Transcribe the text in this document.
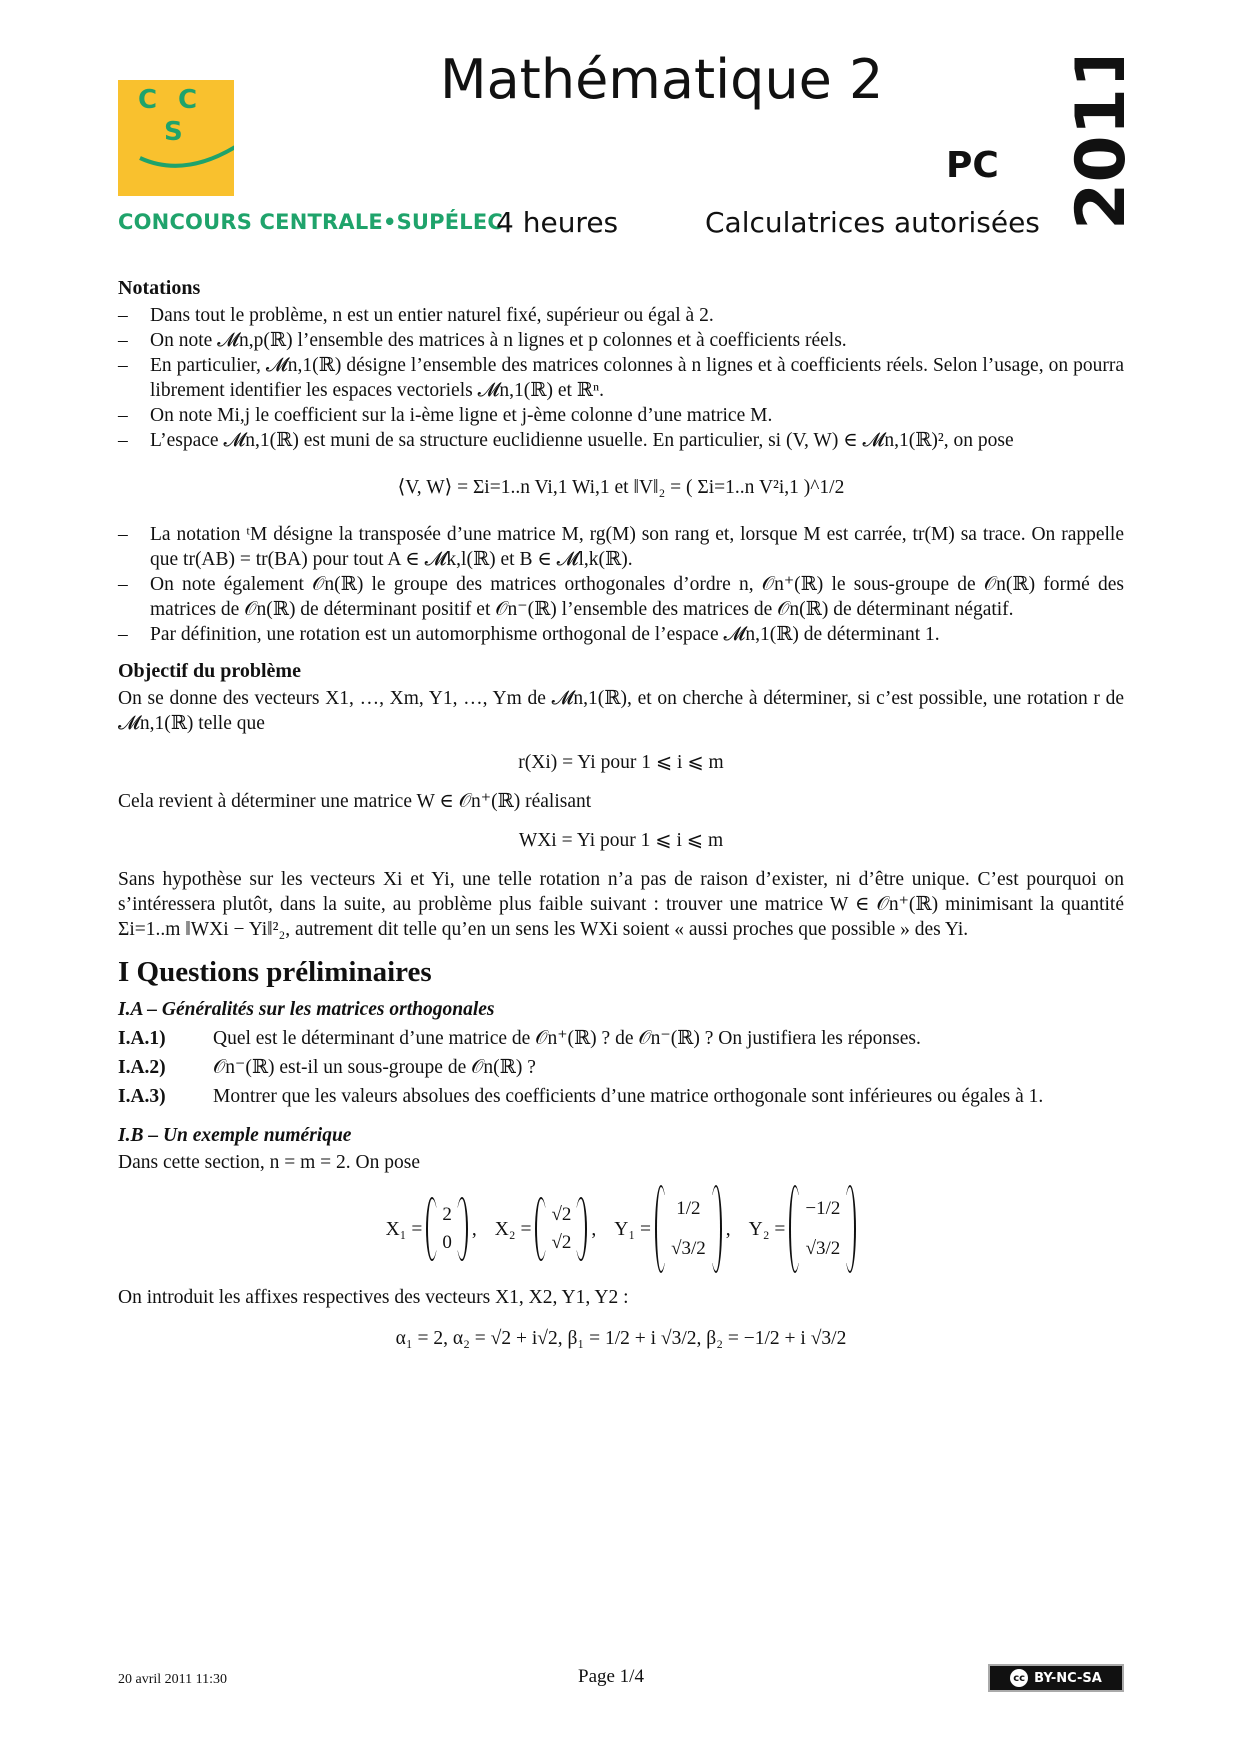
C C
S
CONCOURS CENTRALE•SUPÉLEC
Mathématique 2
PC 2011
4 heures	Calculatrices autorisées
Notations
– Dans tout le problème, n est un entier naturel fixé, supérieur ou égal à 2.
– On note 𝓜n,p(ℝ) l’ensemble des matrices à n lignes et p colonnes et à coefficients réels.
– En particulier, 𝓜n,1(ℝ) désigne l’ensemble des matrices colonnes à n lignes et à coefficients réels. Selon l’usage, on pourra librement identifier les espaces vectoriels 𝓜n,1(ℝ) et ℝⁿ.
– On note Mi,j le coefficient sur la i-ème ligne et j-ème colonne d’une matrice M.
– L’espace 𝓜n,1(ℝ) est muni de sa structure euclidienne usuelle. En particulier, si (V, W) ∈ 𝓜n,1(ℝ)², on pose
⟨V, W⟩ = Σi=1..n Vi,1 Wi,1 et ‖V‖₂ = ( Σi=1..n V²i,1 )^1/2
– La notation ᵗM désigne la transposée d’une matrice M, rg(M) son rang et, lorsque M est carrée, tr(M) sa trace. On rappelle que tr(AB) = tr(BA) pour tout A ∈ 𝓜k,l(ℝ) et B ∈ 𝓜l,k(ℝ).
– On note également 𝒪n(ℝ) le groupe des matrices orthogonales d’ordre n, 𝒪n⁺(ℝ) le sous-groupe de 𝒪n(ℝ) formé des matrices de 𝒪n(ℝ) de déterminant positif et 𝒪n⁻(ℝ) l’ensemble des matrices de 𝒪n(ℝ) de déterminant négatif.
– Par définition, une rotation est un automorphisme orthogonal de l’espace 𝓜n,1(ℝ) de déterminant 1.
Objectif du problème

On se donne des vecteurs X1, …, Xm, Y1, …, Ym de 𝓜n,1(ℝ), et on cherche à déterminer, si c’est possible, une rotation r de 𝓜n,1(ℝ) telle que

r(Xi) = Yi pour 1 ⩽ i ⩽ m

Cela revient à déterminer une matrice W ∈ 𝒪n⁺(ℝ) réalisant

WXi = Yi pour 1 ⩽ i ⩽ m

Sans hypothèse sur les vecteurs Xi et Yi, une telle rotation n’a pas de raison d’exister, ni d’être unique. C’est pourquoi on s’intéressera plutôt, dans la suite, au problème plus faible suivant : trouver une matrice W ∈ 𝒪n⁺(ℝ) minimisant la quantité Σi=1..m ‖WXi − Yi‖²₂, autrement dit telle qu’en un sens les WXi soient « aussi proches que possible » des Yi.

I Questions préliminaires
I.A – Généralités sur les matrices orthogonales
I.A.1)	Quel est le déterminant d’une matrice de 𝒪n⁺(ℝ) ? de 𝒪n⁻(ℝ) ? On justifiera les réponses.
I.A.2)	𝒪n⁻(ℝ) est-il un sous-groupe de 𝒪n(ℝ) ?
I.A.3)	Montrer que les valeurs absolues des coefficients d’une matrice orthogonale sont inférieures ou égales à 1.
I.B – Un exemple numérique

Dans cette section, n = m = 2. On pose

X₁ =
2
0
, X₂ =
√2
√2
, Y₁ =
1/2
√3/2
, Y₂ =
−1/2
√3/2

On introduit les affixes respectives des vecteurs X1, X2, Y1, Y2 :

α₁ = 2, α₂ = √2 + i√2, β₁ = 1/2 + i √3/2, β₂ = −1/2 + i √3/2
20 avril 2011 11:30	Page 1/4	cc BY-NC-SA
